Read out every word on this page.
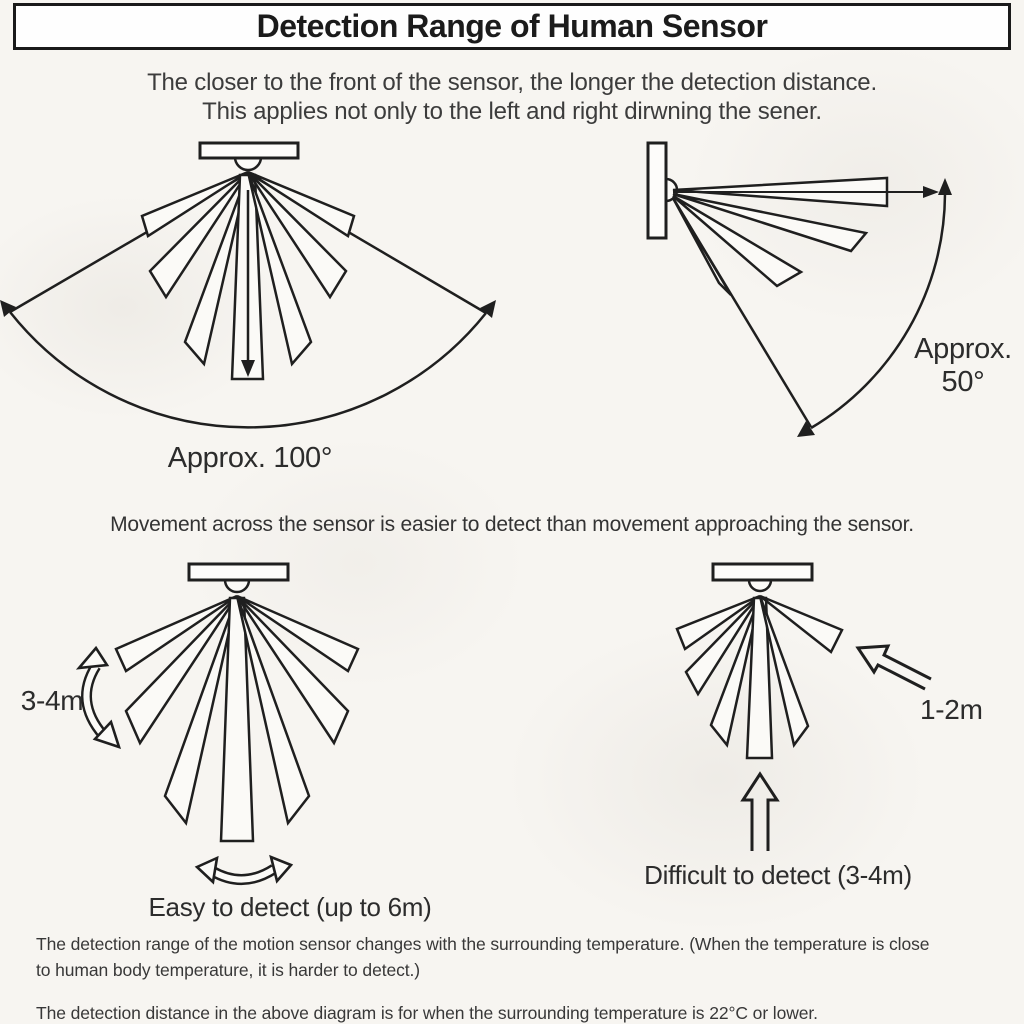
Detection Range of Human Sensor
The closer to the front of the sensor, the longer the detection distance.
This applies not only to the left and right dirwning the sener.
Approx. 100°
Approx.
50°
3-4m
Easy to detect (up to 6m)
1-2m
Difficult to detect (3-4m)
Movement across the sensor is easier to detect than movement approaching the sensor.
The detection range of the motion sensor changes with the surrounding temperature. (When the temperature is close to human body temperature, it is harder to detect.)
The detection distance in the above diagram is for when the surrounding temperature is 22°C or lower.
